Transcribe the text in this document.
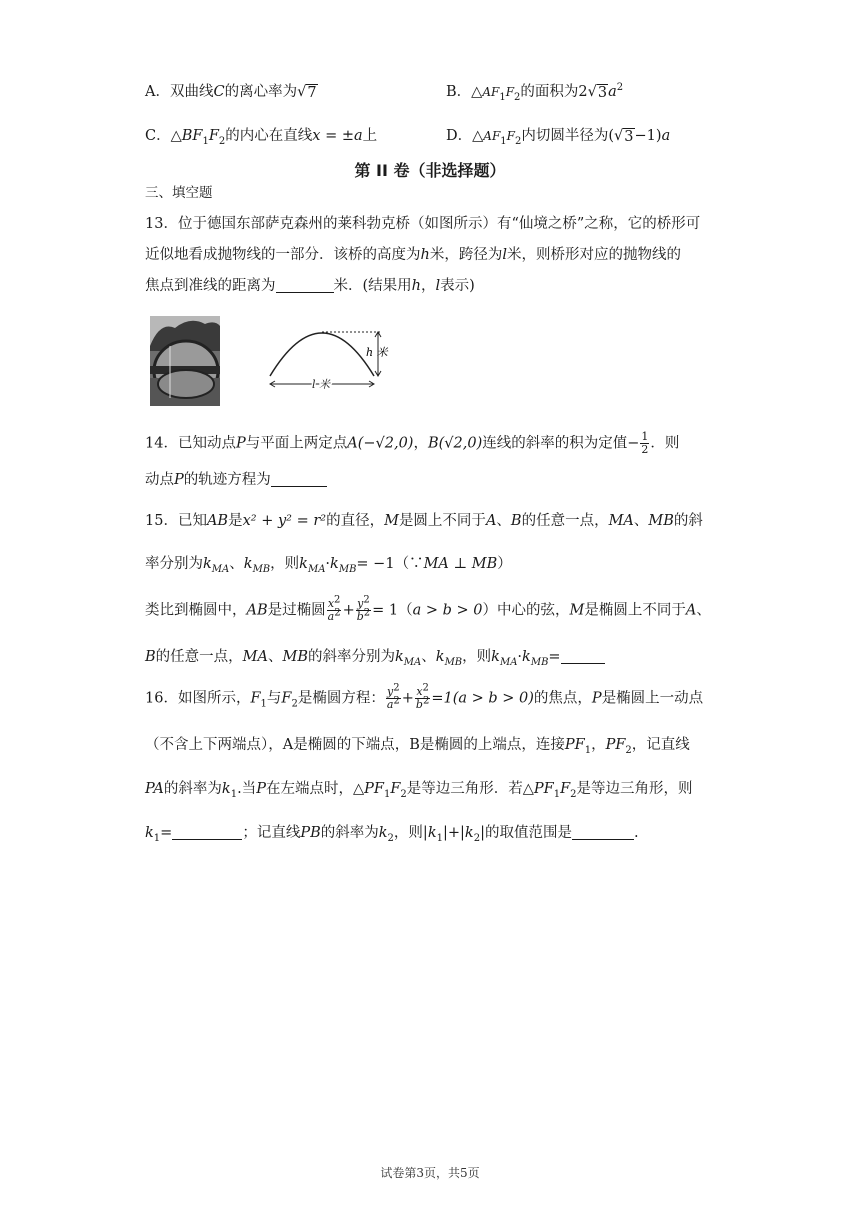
A．双曲线C的离心率为√ 7	B．$\triangle AF_1F_2$的面积为2√ 3 $a^2$
C．$\triangle BF_1F_2$的内心在直线x = ±a上	D．$\triangle AF_1F_2$内切圆半径为(√ 3 −1)a
第 II 卷（非选择题）
三、填空题
13．位于德国东部萨克森州的莱科勃克桥（如图所示）有“仙境之桥”之称，它的桥形可
近似地看成抛物线的一部分．该桥的高度为h米，跨径为l米，则桥形对应的抛物线的
焦点到准线的距离为	米．(结果用h，l表示)
h 米
l 米
14．已知动点P与平面上两定点A(−√2,0)，B(√2,0)连线的斜率的积为定值− $\frac{1}{2}$ ．则
动点P的轨迹方程为
15．已知AB是x² + y² = r²的直径，M是圆上不同于A、B的任意一点，MA、MB的斜
率分别为$k_{MA}$、$k_{MB}$，则$k_{MA}\cdot k_{MB}=$ −1（∵MA ⊥ MB）
类比到椭圆中，AB是过椭圆 $\frac{x^2}{a^2} + \frac{y^2}{b^2} = 1(a > b > 0)$中心的弦，M是椭圆上不同于A、
B的任意一点，MA、MB的斜率分别为$k_{MA}$、$k_{MB}$，则$k_{MA}\cdot k_{MB}=$
16．如图所示，$F_1$与$F_2$是椭圆方程： $\frac{y^2}{a^2} + \frac{x^2}{b^2} =1(a > b > 0)$的焦点，P是椭圆上一动点
（不含上下两端点），A是椭圆的下端点，B是椭圆的上端点，连接$PF_1$，$PF_2$，记直线
PA的斜率为$k_1$.当P在左端点时，$\triangle PF_1F_2$是等边三角形．若$\triangle PF_1F_2$是等边三角形，则
$k_1=$	；记直线PB的斜率为$k_2$，则$|k_1|+|k_2|$的取值范围是	.
试卷第3页，共5页
